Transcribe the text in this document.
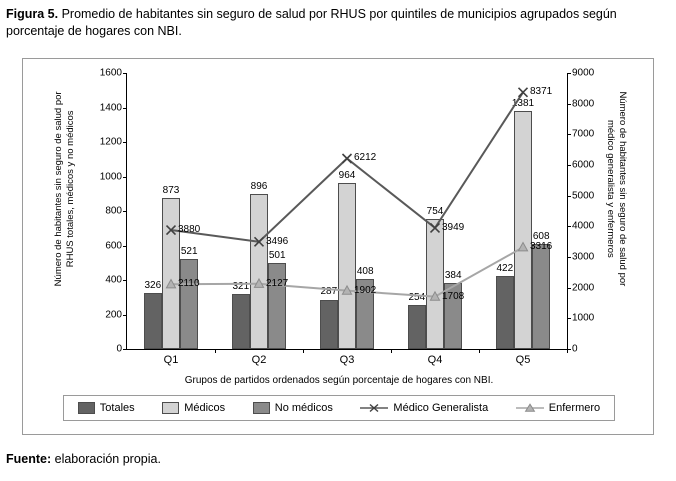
Figura 5. Promedio de habitantes sin seguro de salud por RHUS por quintiles de municipios agrupados según porcentaje de hogares con NBI.
Número de habitantes sin seguro de salud por RHUS totales, médicos y no médicos	Número de habitantes sin seguro de salud por médico generalista y enfermeros
Grupos de partidos ordenados según porcentaje de hogares con NBI.
0
200
400
600
800
1000
1200
1400
1600
0
1000
2000
3000
4000
5000
6000
7000
8000
9000
Q1	Q2	Q3	Q4	Q5
326
873
521
321
896
501
287
964
408
254
754
384
422
1381
608
3880
3496
6212
3949
8371
2110	2127
1902
1708
3316
Totales	Médicos	No médicos	Médico Generalista	Enfermero
Fuente: elaboración propia.
